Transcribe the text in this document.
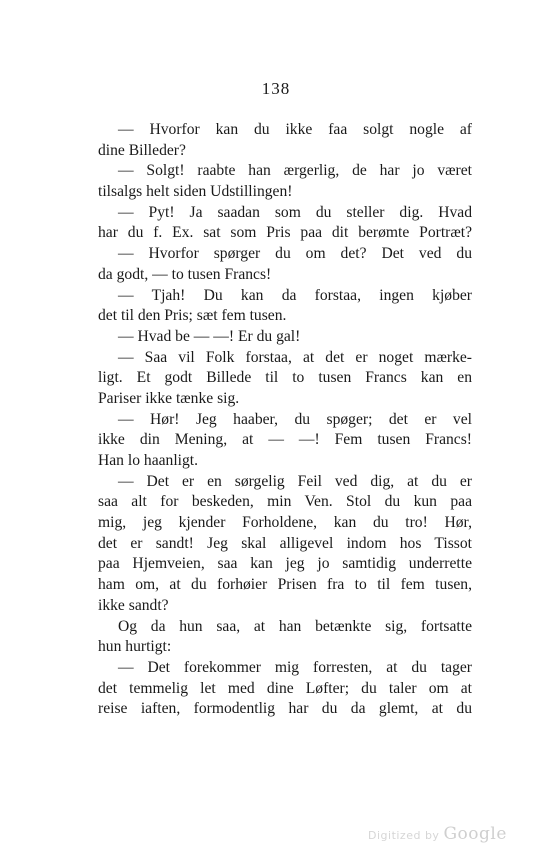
138
— Hvorfor kan du ikke faa solgt nogle af
dine Billeder?
— Solgt! raabte han ærgerlig, de har jo været
tilsalgs helt siden Udstillingen!
— Pyt! Ja saadan som du steller dig. Hvad
har du f. Ex. sat som Pris paa dit berømte Portræt?
— Hvorfor spørger du om det? Det ved du
da godt, — to tusen Francs!
— Tjah! Du kan da forstaa, ingen kjøber
det til den Pris; sæt fem tusen.
— Hvad be — —! Er du gal!
— Saa vil Folk forstaa, at det er noget mærke-
ligt. Et godt Billede til to tusen Francs kan en
Pariser ikke tænke sig.
— Hør! Jeg haaber, du spøger; det er vel
ikke din Mening, at — —! Fem tusen Francs!
Han lo haanligt.
— Det er en sørgelig Feil ved dig, at du er
saa alt for beskeden, min Ven. Stol du kun paa
mig, jeg kjender Forholdene, kan du tro! Hør,
det er sandt! Jeg skal alligevel indom hos Tissot
paa Hjemveien, saa kan jeg jo samtidig underrette
ham om, at du forhøier Prisen fra to til fem tusen,
ikke sandt?
Og da hun saa, at han betænkte sig, fortsatte
hun hurtigt:
— Det forekommer mig forresten, at du tager
det temmelig let med dine Løfter; du taler om at
reise iaften, formodentlig har du da glemt, at du
Digitized by Google
